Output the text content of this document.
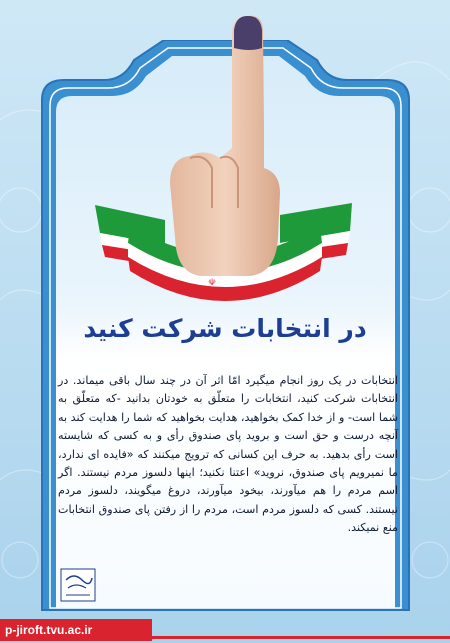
☫
در انتخابات شرکت کنید
انتخابات در یک روز انجام میگیرد امّا اثر آن در چند سال باقی میماند. در انتخابات شرکت کنید، انتخابات را متعلّق به خودتان بدانید -که متعلّق به شما است- و از خدا کمک بخواهید، هدایت بخواهید که شما را هدایت کند به آنچه درست و حق است و بروید پای صندوق رأی و به کسی که شایسته است رأی بدهید. به حرف این کسانی که ترویج میکنند که «فایده ای ندارد، ما نمیرویم پای صندوق، نروید» اعتنا نکنید؛ اینها دلسوز مردم نیستند. اگر اسم مردم را هم میآورند، بیخود میآورند، دروغ میگویند، دلسوز مردم نیستند. کسی که دلسوز مردم است، مردم را از رفتن پای صندوق انتخابات منع نمیکند.
p-jiroft.tvu.ac.ir
